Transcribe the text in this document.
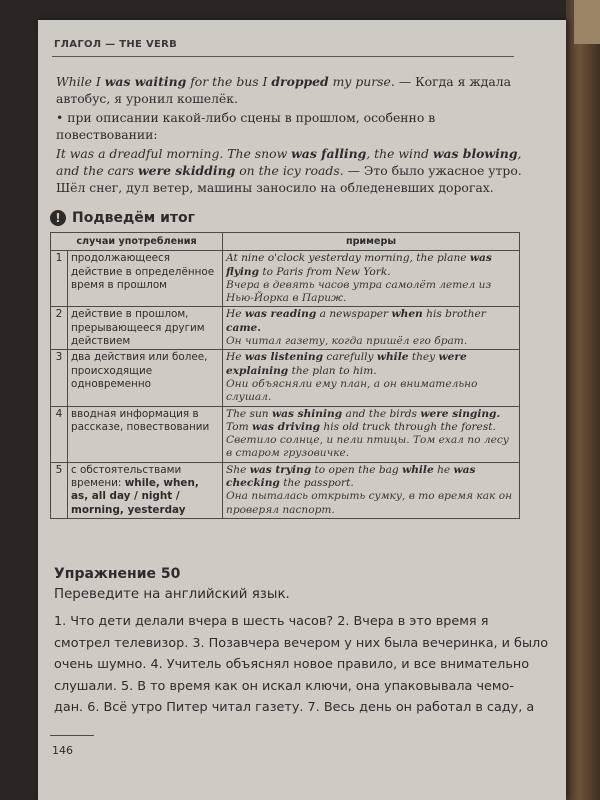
ГЛАГОЛ — THE VERB

While I was waiting for the bus I dropped my purse. — Когда я ждала автобус, я уронил кошелёк.

• при описании какой-либо сцены в прошлом, особенно в повествовании:

It was a dreadful morning. The snow was falling, the wind was blowing, and the cars were skidding on the icy roads. — Это было ужасное утро. Шёл снег, дул ветер, машины заносило на обледеневших дорогах.

! Подведём итог
случаи употребления		примеры
1	продолжающееся действие в определённое время в прошлом	At nine o'clock yesterday morning, the plane was flying to Paris from New York.
Вчера в девять часов утра самолёт летел из Нью-Йорка в Париж.

2	действие в прошлом, прерывающееся другим действием	He was reading a newspaper when his brother came.
Он читал газету, когда пришёл его брат.

3	два действия или более, происходящие одновременно	He was listening carefully while they were explaining the plan to him.
Они объясняли ему план, а он внимательно слушал.

4	вводная информация в рассказе, повествовании	The sun was shining and the birds were singing.
Tom was driving his old truck through the forest.
Светило солнце, и пели птицы. Том ехал по лесу в старом грузовичке.

5	с обстоятельствами времени: while, when, as, all day / night / morning, yesterday	She was trying to open the bag while he was checking the passport.
Она пыталась открыть сумку, в то время как он проверял паспорт.
Упражнение 50
Переведите на английский язык.
1. Что дети делали вчера в шесть часов? 2. Вчера в это время я
смотрел телевизор. 3. Позавчера вечером у них была вечеринка, и было
очень шумно. 4. Учитель объяснял новое правило, и все внимательно
слушали. 5. В то время как он искал ключи, она упаковывала чемо-
дан. 6. Всё утро Питер читал газету. 7. Весь день он работал в саду, а
146
